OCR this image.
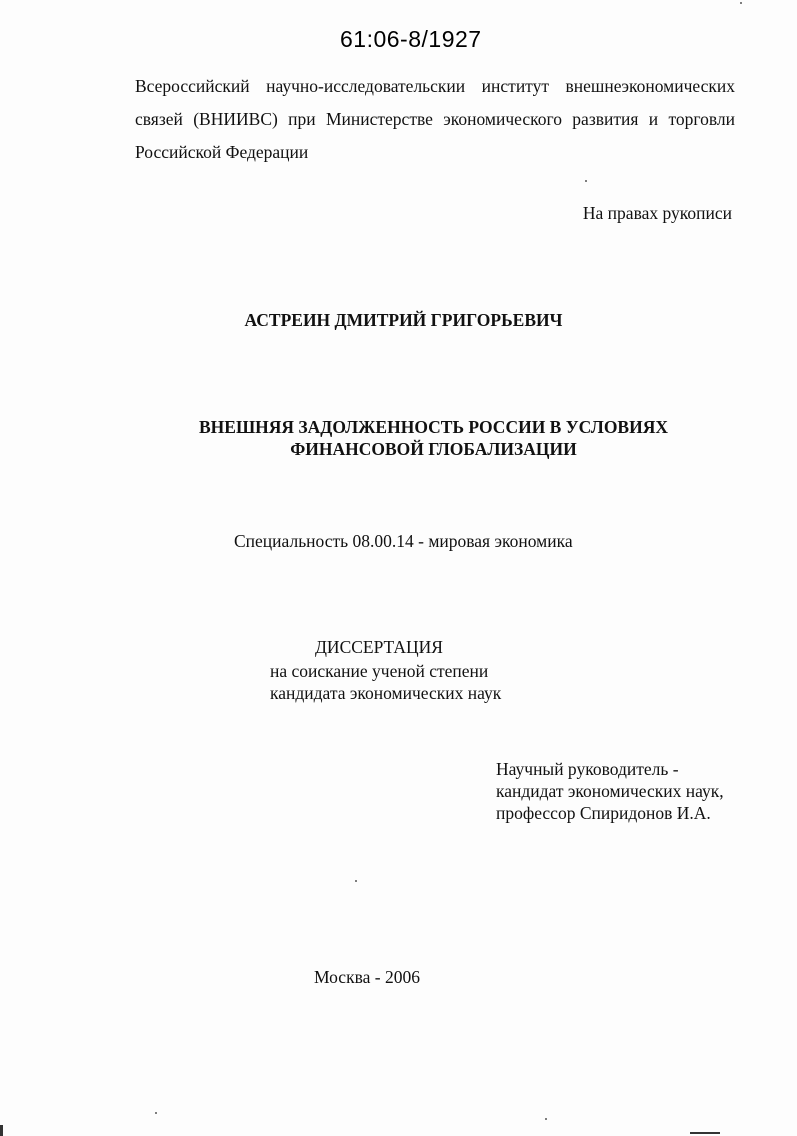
61:06-8/1927
Всероссийский научно-исследовательскии институт внешнеэкономических
связей (ВНИИВС) при Министерстве экономического развития и торговли
Российской Федерации
На правах рукописи
АСТРЕИН ДМИТРИЙ ГРИГОРЬЕВИЧ
ВНЕШНЯЯ ЗАДОЛЖЕННОСТЬ РОССИИ В УСЛОВИЯХ
ФИНАНСОВОЙ ГЛОБАЛИЗАЦИИ
Специальность 08.00.14 - мировая экономика
ДИССЕРТАЦИЯ
на соискание ученой степени
кандидата экономических наук
Научный руководитель -
кандидат экономических наук,
профессор Спиридонов И.А.
Москва - 2006
